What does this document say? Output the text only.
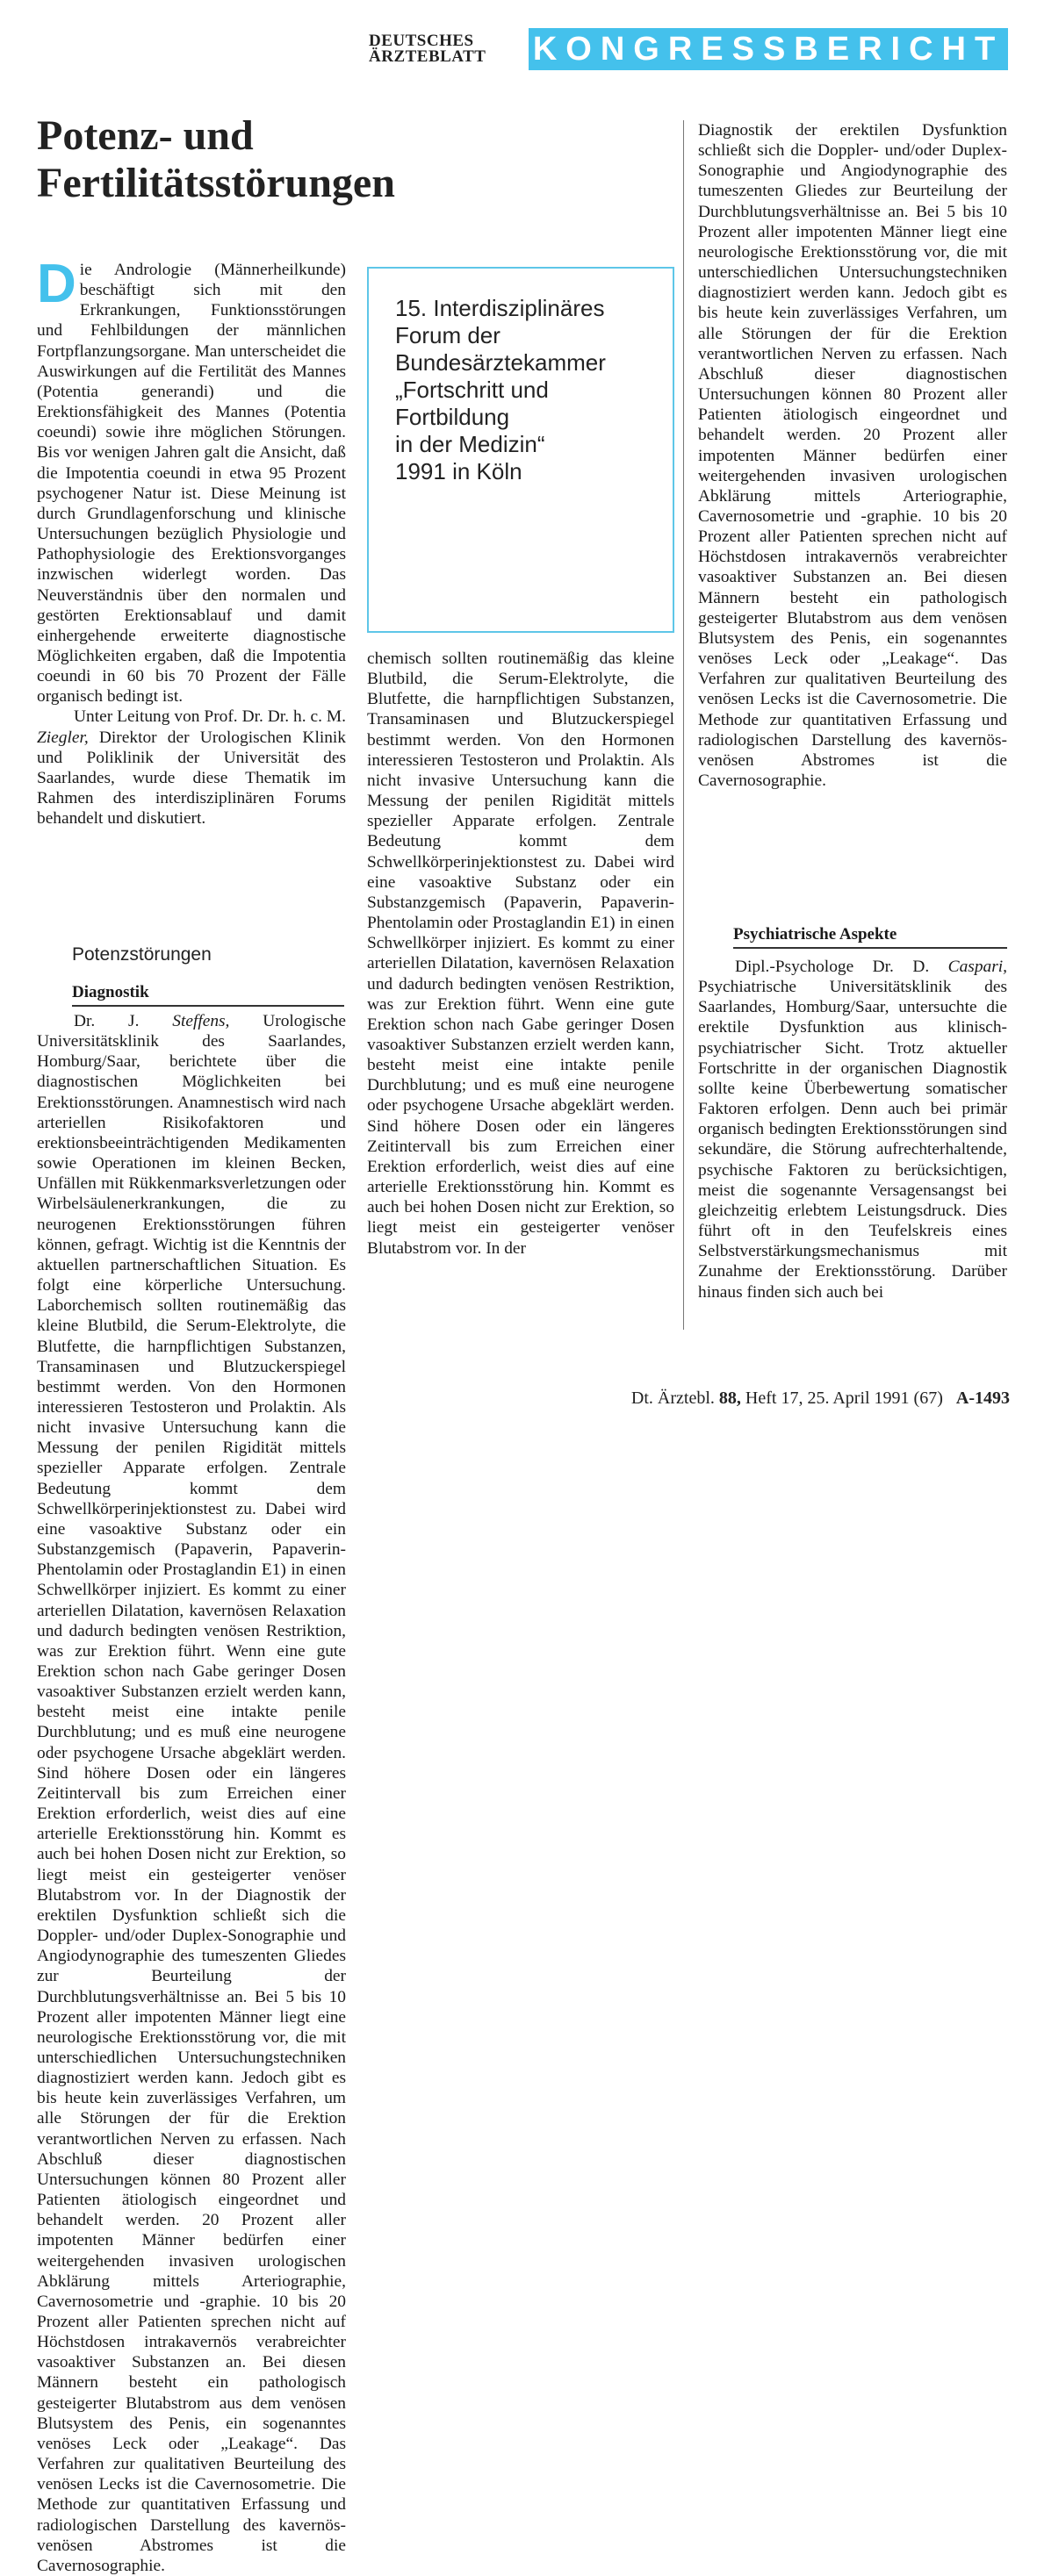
DEUTSCHES
ÄRZTEBLATT	KONGRESSBERICHT
Potenz- und
Fertilitätsstörungen

Die Andrologie (Männerheilkunde) beschäftigt sich mit den Erkrankungen, Funktionsstörungen und Fehlbildungen der männlichen Fortpflanzungsorgane. Man unterscheidet die Auswirkungen auf die Fertilität des Mannes (Potentia generandi) und die Erektionsfähigkeit des Mannes (Potentia coeundi) sowie ihre möglichen Störungen. Bis vor wenigen Jahren galt die Ansicht, daß die Impotentia coeundi in etwa 95 Prozent psychogener Natur ist. Diese Meinung ist durch Grundlagenforschung und klinische Untersuchungen bezüglich Physiologie und Pathophysiologie des Erektionsvorganges inzwischen widerlegt worden. Das Neuverständnis über den normalen und gestörten Erektionsablauf und damit einhergehende erweiterte diagnostische Möglichkeiten ergaben, daß die Impotentia coeundi in 60 bis 70 Prozent der Fälle organisch bedingt ist.

Unter Leitung von Prof. Dr. Dr. h. c. M. Ziegler, Direktor der Urologischen Klinik und Poliklinik der Universität des Saarlandes, wurde diese Thematik im Rahmen des interdisziplinären Forums behandelt und diskutiert.

Potenzstörungen
Diagnostik

Dr. J. Steffens, Urologische Universitätsklinik des Saarlandes, Homburg/Saar, berichtete über die diagnostischen Möglichkeiten bei Erektionsstörungen. Anamnestisch wird nach arteriellen Risikofaktoren und erektionsbeeinträchtigenden Medikamenten sowie Operationen im kleinen Becken, Unfällen mit Rükkenmarksverletzungen oder Wirbelsäulenerkrankungen, die zu neurogenen Erektionsstörungen führen können, gefragt. Wichtig ist die Kenntnis der aktuellen partnerschaftlichen Situation. Es folgt eine körperliche Untersuchung. Laborchemisch sollten routinemäßig das kleine Blutbild, die Serum-Elektrolyte, die Blutfette, die harnpflichtigen Substanzen, Transaminasen und Blutzuckerspiegel bestimmt werden. Von den Hormonen interessieren Testosteron und Prolaktin. Als nicht invasive Untersuchung kann die Messung der penilen Rigidität mittels spezieller Apparate erfolgen. Zentrale Bedeutung kommt dem Schwellkörperinjektionstest zu. Dabei wird eine vasoaktive Substanz oder ein Substanzgemisch (Papaverin, Papaverin-Phentolamin oder Prostaglandin E1) in einen Schwellkörper injiziert. Es kommt zu einer arteriellen Dilatation, kavernösen Relaxation und dadurch bedingten venösen Restriktion, was zur Erektion führt. Wenn eine gute Erektion schon nach Gabe geringer Dosen vasoaktiver Substanzen erzielt werden kann, besteht meist eine intakte penile Durchblutung; und es muß eine neurogene oder psychogene Ursache abgeklärt werden. Sind höhere Dosen oder ein längeres Zeitintervall bis zum Erreichen einer Erektion erforderlich, weist dies auf eine arterielle Erektionsstörung hin. Kommt es auch bei hohen Dosen nicht zur Erektion, so liegt meist ein gesteigerter venöser Blutabstrom vor. In der Diagnostik der erektilen Dysfunktion schließt sich die Doppler- und/oder Duplex-Sonographie und Angiodynographie des tumeszenten Gliedes zur Beurteilung der Durchblutungsverhältnisse an. Bei 5 bis 10 Prozent aller impotenten Männer liegt eine neurologische Erektionsstörung vor, die mit unterschiedlichen Untersuchungstechniken diagnostiziert werden kann. Jedoch gibt es bis heute kein zuverlässiges Verfahren, um alle Störungen der für die Erektion verantwortlichen Nerven zu erfassen. Nach Abschluß dieser diagnostischen Untersuchungen können 80 Prozent aller Patienten ätiologisch eingeordnet und behandelt werden. 20 Prozent aller impotenten Männer bedürfen einer weitergehenden invasiven urologischen Abklärung mittels Arteriographie, Cavernosometrie und -graphie. 10 bis 20 Prozent aller Patienten sprechen nicht auf Höchstdosen intrakavernös verabreichter vasoaktiver Substanzen an. Bei diesen Männern besteht ein pathologisch gesteigerter Blutabstrom aus dem venösen Blutsystem des Penis, ein sogenanntes venöses Leck oder „Leakage“. Das Verfahren zur qualitativen Beurteilung des venösen Lecks ist die Cavernosometrie. Die Methode zur quantitativen Erfassung und radiologischen Darstellung des kavernös-venösen Abstromes ist die Cavernosographie.

15. Interdisziplinäres
Forum der
Bundesärztekammer
„Fortschritt und
Fortbildung
in der Medizin“
1991 in Köln

chemisch sollten routinemäßig das kleine Blutbild, die Serum-Elektrolyte, die Blutfette, die harnpflichtigen Substanzen, Transaminasen und Blutzuckerspiegel bestimmt werden. Von den Hormonen interessieren Testosteron und Prolaktin. Als nicht invasive Untersuchung kann die Messung der penilen Rigidität mittels spezieller Apparate erfolgen. Zentrale Bedeutung kommt dem Schwellkörperinjektionstest zu. Dabei wird eine vasoaktive Substanz oder ein Substanzgemisch (Papaverin, Papaverin-Phentolamin oder Prostaglandin E1) in einen Schwellkörper injiziert. Es kommt zu einer arteriellen Dilatation, kavernösen Relaxation und dadurch bedingten venösen Restriktion, was zur Erektion führt. Wenn eine gute Erektion schon nach Gabe geringer Dosen vasoaktiver Substanzen erzielt werden kann, besteht meist eine intakte penile Durchblutung; und es muß eine neurogene oder psychogene Ursache abgeklärt werden. Sind höhere Dosen oder ein längeres Zeitintervall bis zum Erreichen einer Erektion erforderlich, weist dies auf eine arterielle Erektionsstörung hin. Kommt es auch bei hohen Dosen nicht zur Erektion, so liegt meist ein gesteigerter venöser Blutabstrom vor. In der

Diagnostik der erektilen Dysfunktion schließt sich die Doppler- und/oder Duplex-Sonographie und Angiodynographie des tumeszenten Gliedes zur Beurteilung der Durchblutungsverhältnisse an. Bei 5 bis 10 Prozent aller impotenten Männer liegt eine neurologische Erektionsstörung vor, die mit unterschiedlichen Untersuchungstechniken diagnostiziert werden kann. Jedoch gibt es bis heute kein zuverlässiges Verfahren, um alle Störungen der für die Erektion verantwortlichen Nerven zu erfassen. Nach Abschluß dieser diagnostischen Untersuchungen können 80 Prozent aller Patienten ätiologisch eingeordnet und behandelt werden. 20 Prozent aller impotenten Männer bedürfen einer weitergehenden invasiven urologischen Abklärung mittels Arteriographie, Cavernosometrie und -graphie. 10 bis 20 Prozent aller Patienten sprechen nicht auf Höchstdosen intrakavernös verabreichter vasoaktiver Substanzen an. Bei diesen Männern besteht ein pathologisch gesteigerter Blutabstrom aus dem venösen Blutsystem des Penis, ein sogenanntes venöses Leck oder „Leakage“. Das Verfahren zur qualitativen Beurteilung des venösen Lecks ist die Cavernosometrie. Die Methode zur quantitativen Erfassung und radiologischen Darstellung des kavernös-venösen Abstromes ist die Cavernosographie.

Psychiatrische Aspekte

Dipl.-Psychologe Dr. D. Caspari, Psychiatrische Universitätsklinik des Saarlandes, Homburg/Saar, untersuchte die erektile Dysfunktion aus klinisch-psychiatrischer Sicht. Trotz aktueller Fortschritte in der organischen Diagnostik sollte keine Überbewertung somatischer Faktoren erfolgen. Denn auch bei primär organisch bedingten Erektionsstörungen sind sekundäre, die Störung aufrechterhaltende, psychische Faktoren zu berücksichtigen, meist die sogenannte Versagensangst bei gleichzeitig erlebtem Leistungsdruck. Dies führt oft in den Teufelskreis eines Selbstverstärkungsmechanismus mit Zunahme der Erektionsstörung. Darüber hinaus finden sich auch bei

Dt. Ärztebl. 88, Heft 17, 25. April 1991 (67) A-1493
